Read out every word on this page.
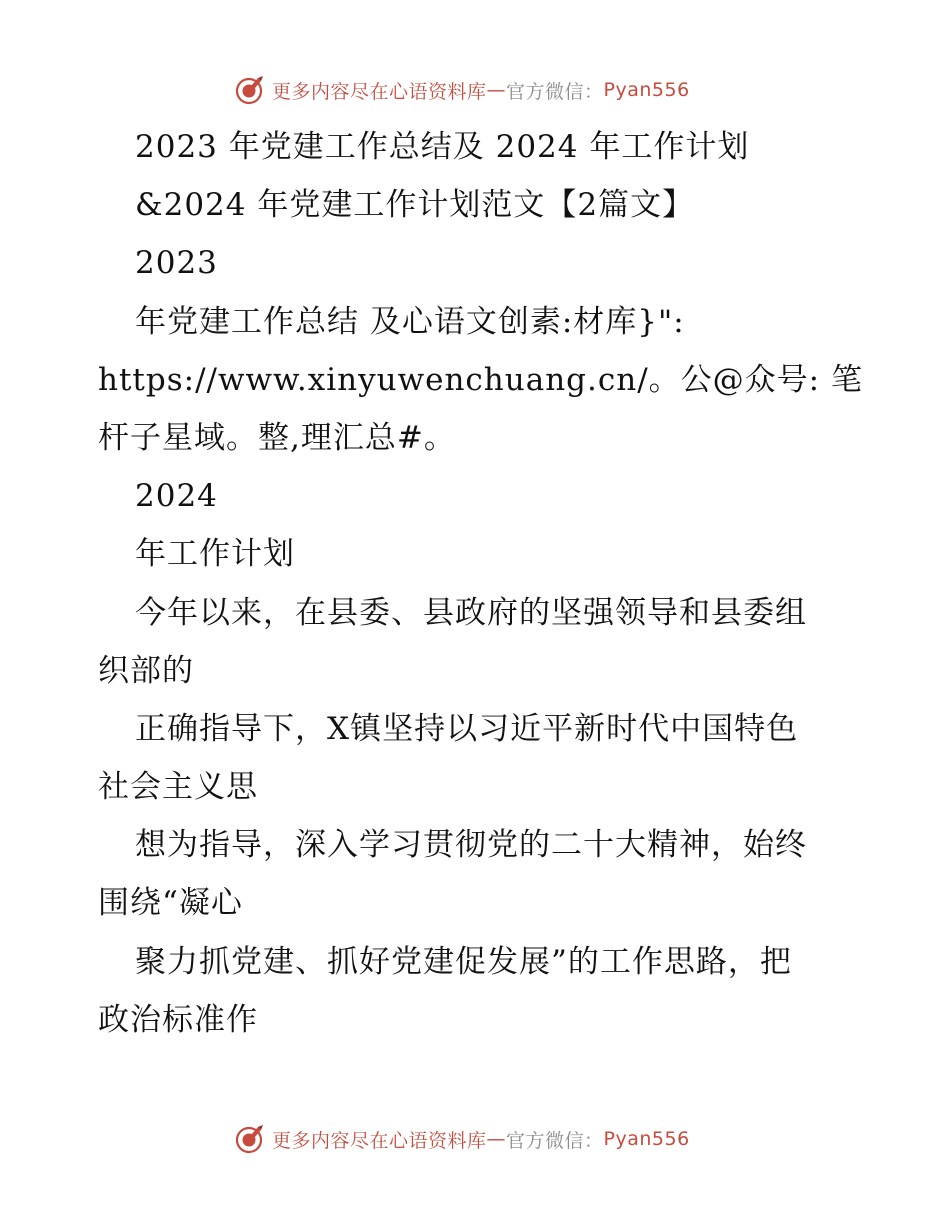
更多内容尽在心语资料库 — 官方微信： Pyan556
2023 年党建工作总结及 2024 年工作计划
&2024 年党建工作计划范文【2篇文】
2023
年党建工作总结 及心语文创素:材库}":
https://www.xinyuwenchuang.cn/。公@众号: 笔
杆子星域。整,理汇总#。
2024
年工作计划
今年以来，在县委、县政府的坚强领导和县委组
织部的
正确指导下，X镇坚持以习近平新时代中国特色
社会主义思
想为指导，深入学习贯彻党的二十大精神，始终
围绕“凝心
聚力抓党建、抓好党建促发展”的工作思路，把
政治标准作
更多内容尽在心语资料库 — 官方微信： Pyan556
